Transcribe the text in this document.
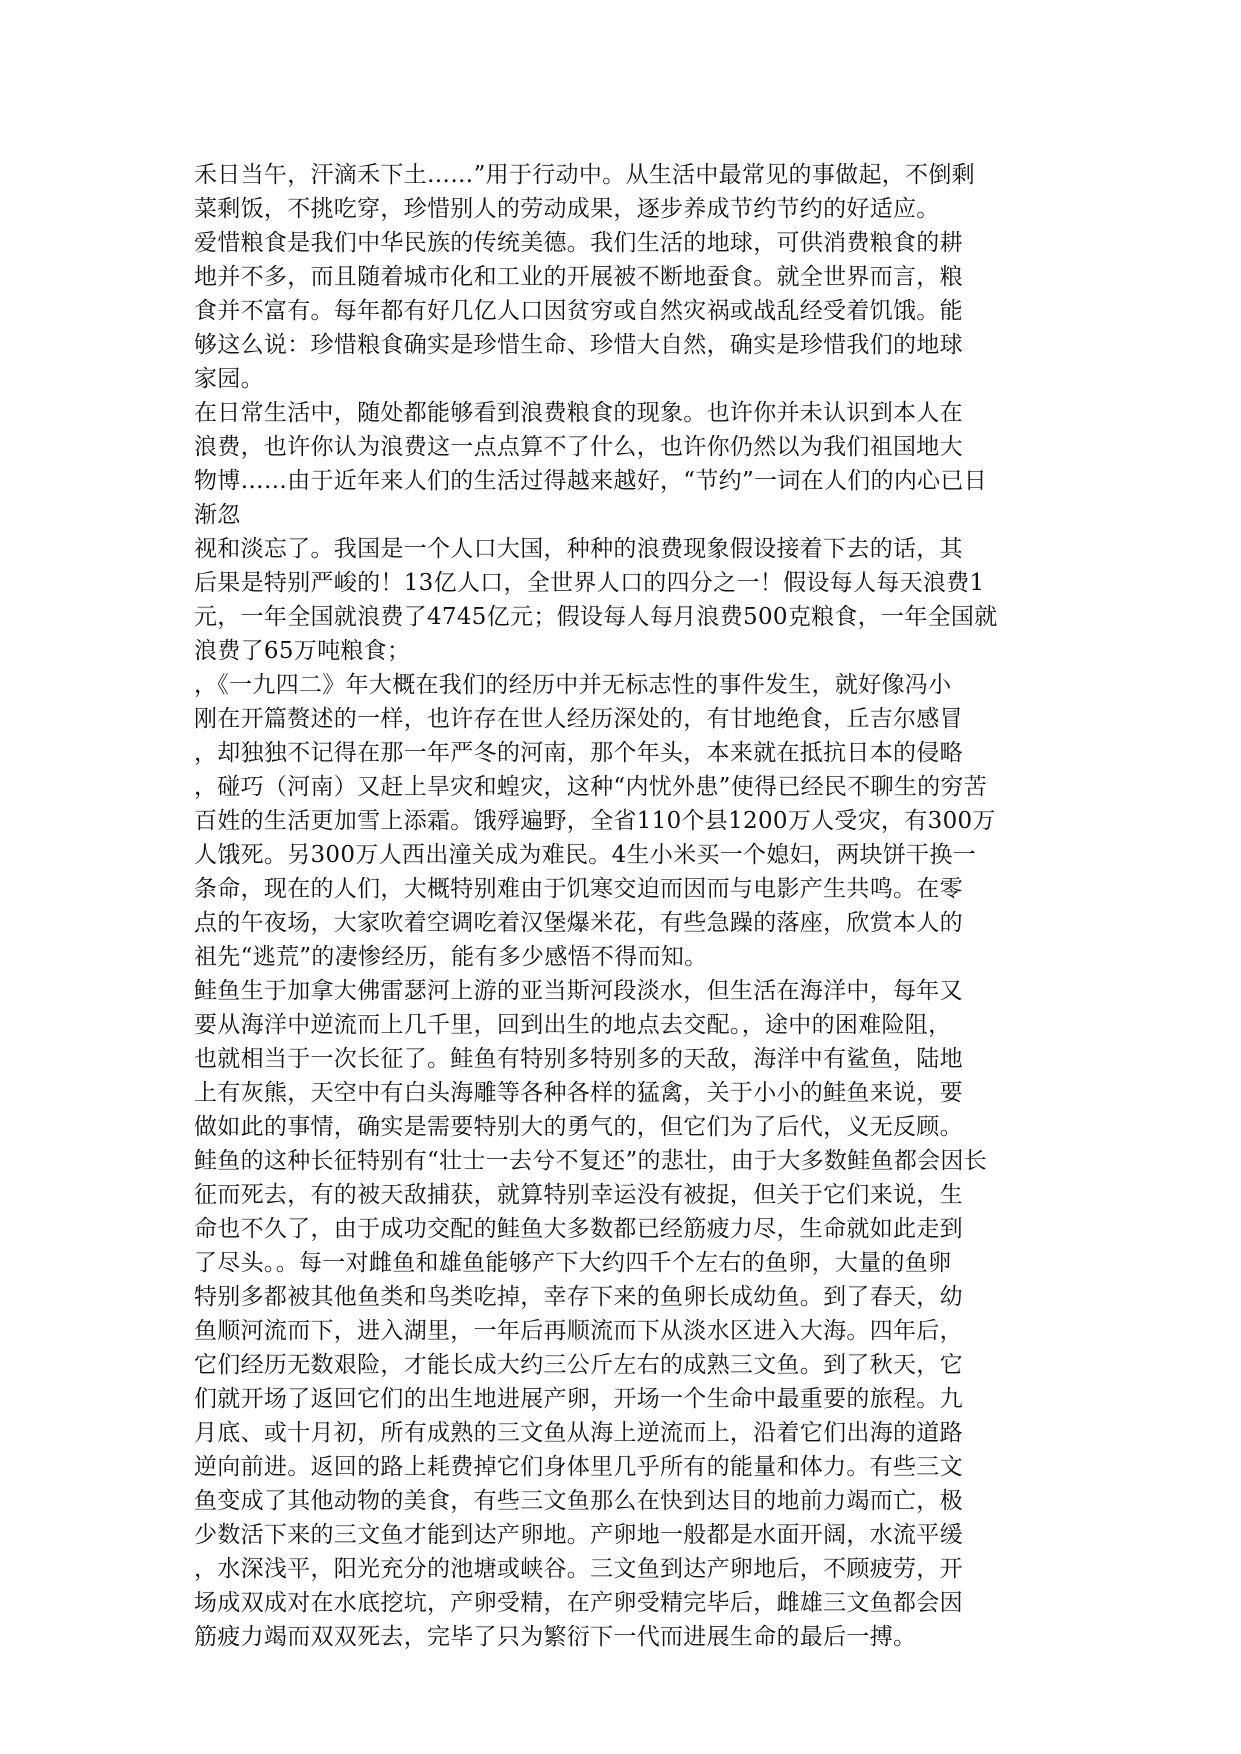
禾日当午，汗滴禾下土……”用于行动中。从生活中最常见的事做起，不倒剩
菜剩饭，不挑吃穿，珍惜别人的劳动成果，逐步养成节约节约的好适应。
爱惜粮食是我们中华民族的传统美德。我们生活的地球，可供消费粮食的耕
地并不多，而且随着城市化和工业的开展被不断地蚕食。就全世界而言，粮
食并不富有。每年都有好几亿人口因贫穷或自然灾祸或战乱经受着饥饿。能
够这么说：珍惜粮食确实是珍惜生命、珍惜大自然，确实是珍惜我们的地球
家园。
在日常生活中，随处都能够看到浪费粮食的现象。也许你并未认识到本人在
浪费，也许你认为浪费这一点点算不了什么，也许你仍然以为我们祖国地大
物博……由于近年来人们的生活过得越来越好，“节约”一词在人们的内心已日
渐忽
视和淡忘了。我国是一个人口大国，种种的浪费现象假设接着下去的话，其
后果是特别严峻的！13亿人口，全世界人口的四分之一！假设每人每天浪费1
元，一年全国就浪费了4745亿元；假设每人每月浪费500克粮食，一年全国就
浪费了65万吨粮食；
，《一九四二》年大概在我们的经历中并无标志性的事件发生，就好像冯小
刚在开篇赘述的一样，也许存在世人经历深处的，有甘地绝食，丘吉尔感冒
，却独独不记得在那一年严冬的河南，那个年头，本来就在抵抗日本的侵略
，碰巧（河南）又赶上旱灾和蝗灾，这种“内忧外患”使得已经民不聊生的穷苦
百姓的生活更加雪上添霜。饿殍遍野，全省110个县1200万人受灾，有300万
人饿死。另300万人西出潼关成为难民。4生小米买一个媳妇，两块饼干换一
条命，现在的人们，大概特别难由于饥寒交迫而因而与电影产生共鸣。在零
点的午夜场，大家吹着空调吃着汉堡爆米花，有些急躁的落座，欣赏本人的
祖先“逃荒”的凄惨经历，能有多少感悟不得而知。
鲑鱼生于加拿大佛雷瑟河上游的亚当斯河段淡水，但生活在海洋中，每年又
要从海洋中逆流而上几千里，回到出生的地点去交配。，途中的困难险阻，
也就相当于一次长征了。鲑鱼有特别多特别多的天敌，海洋中有鲨鱼，陆地
上有灰熊，天空中有白头海雕等各种各样的猛禽，关于小小的鲑鱼来说，要
做如此的事情，确实是需要特别大的勇气的，但它们为了后代，义无反顾。
鲑鱼的这种长征特别有“壮士一去兮不复还”的悲壮，由于大多数鲑鱼都会因长
征而死去，有的被天敌捕获，就算特别幸运没有被捉，但关于它们来说，生
命也不久了，由于成功交配的鲑鱼大多数都已经筋疲力尽，生命就如此走到
了尽头。。每一对雌鱼和雄鱼能够产下大约四千个左右的鱼卵，大量的鱼卵
特别多都被其他鱼类和鸟类吃掉，幸存下来的鱼卵长成幼鱼。到了春天，幼
鱼顺河流而下，进入湖里，一年后再顺流而下从淡水区进入大海。四年后，
它们经历无数艰险，才能长成大约三公斤左右的成熟三文鱼。到了秋天，它
们就开场了返回它们的出生地进展产卵，开场一个生命中最重要的旅程。九
月底、或十月初，所有成熟的三文鱼从海上逆流而上，沿着它们出海的道路
逆向前进。返回的路上耗费掉它们身体里几乎所有的能量和体力。有些三文
鱼变成了其他动物的美食，有些三文鱼那么在快到达目的地前力竭而亡，极
少数活下来的三文鱼才能到达产卵地。产卵地一般都是水面开阔，水流平缓
，水深浅平，阳光充分的池塘或峡谷。三文鱼到达产卵地后，不顾疲劳，开
场成双成对在水底挖坑，产卵受精，在产卵受精完毕后，雌雄三文鱼都会因
筋疲力竭而双双死去，完毕了只为繁衍下一代而进展生命的最后一搏。
